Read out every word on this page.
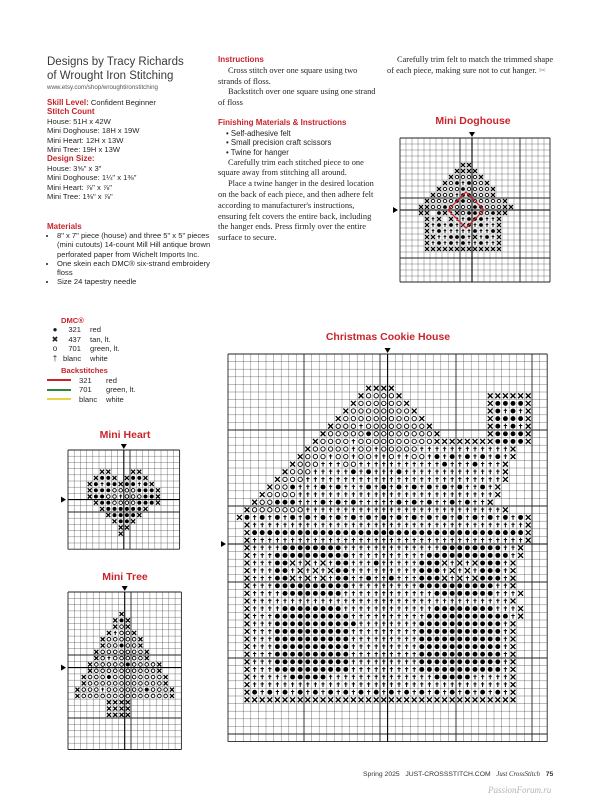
Designs by Tracy Richards
of Wrought Iron Stitching
www.etsy.com/shop/wroughtironstitching
Skill Level: Confident Beginner
Stitch Count
House: 51H x 42W
Mini Doghouse: 18H x 19W
Mini Heart: 12H x 13W
Mini Tree: 19H x 13W
Design Size:
House: 3⅝" x 3"
Mini Doghouse: 1¼" x 1⅜"
Mini Heart: ⅞" x ⅞"
Mini Tree: 1⅜" x ⅞"
Materials
• 8" x 7" piece (house) and three 5" x 5" pieces (mini cutouts) 14-count Mill Hill antique brown perforated paper from Wichelt Imports Inc.
• One skein each DMC® six-strand embroidery floss
• Size 24 tapestry needle
DMC®
●	321 red
✖	437 tan, lt.
o	701 green, lt.
† blanc white
Backstitches
321	red
701	green, lt.
blanc white
Instructions

Cross stitch over one square using two strands of floss.

Backstitch over one square using one strand of floss

Finishing Materials & Instructions
• Self-adhesive felt
• Small precision craft scissors
• Twine for hanger

Carefully trim each stitched piece to one square away from stitching all around.

Place a twine hanger in the desired location on the back of each piece, and then adhere felt according to manufacturer's instructions, ensuring felt covers the entire back, including the hanger ends. Press firmly over the entire surface to secure.

Carefully trim felt to match the trimmed shape of each piece, making sure not to cut hanger. ✂

Mini Doghouse
Christmas Cookie House
Mini Heart
Mini Tree
Spring 2025 JUST-CROSSSTITCH.COM Just CrossStitch 75
PassionForum.ru
